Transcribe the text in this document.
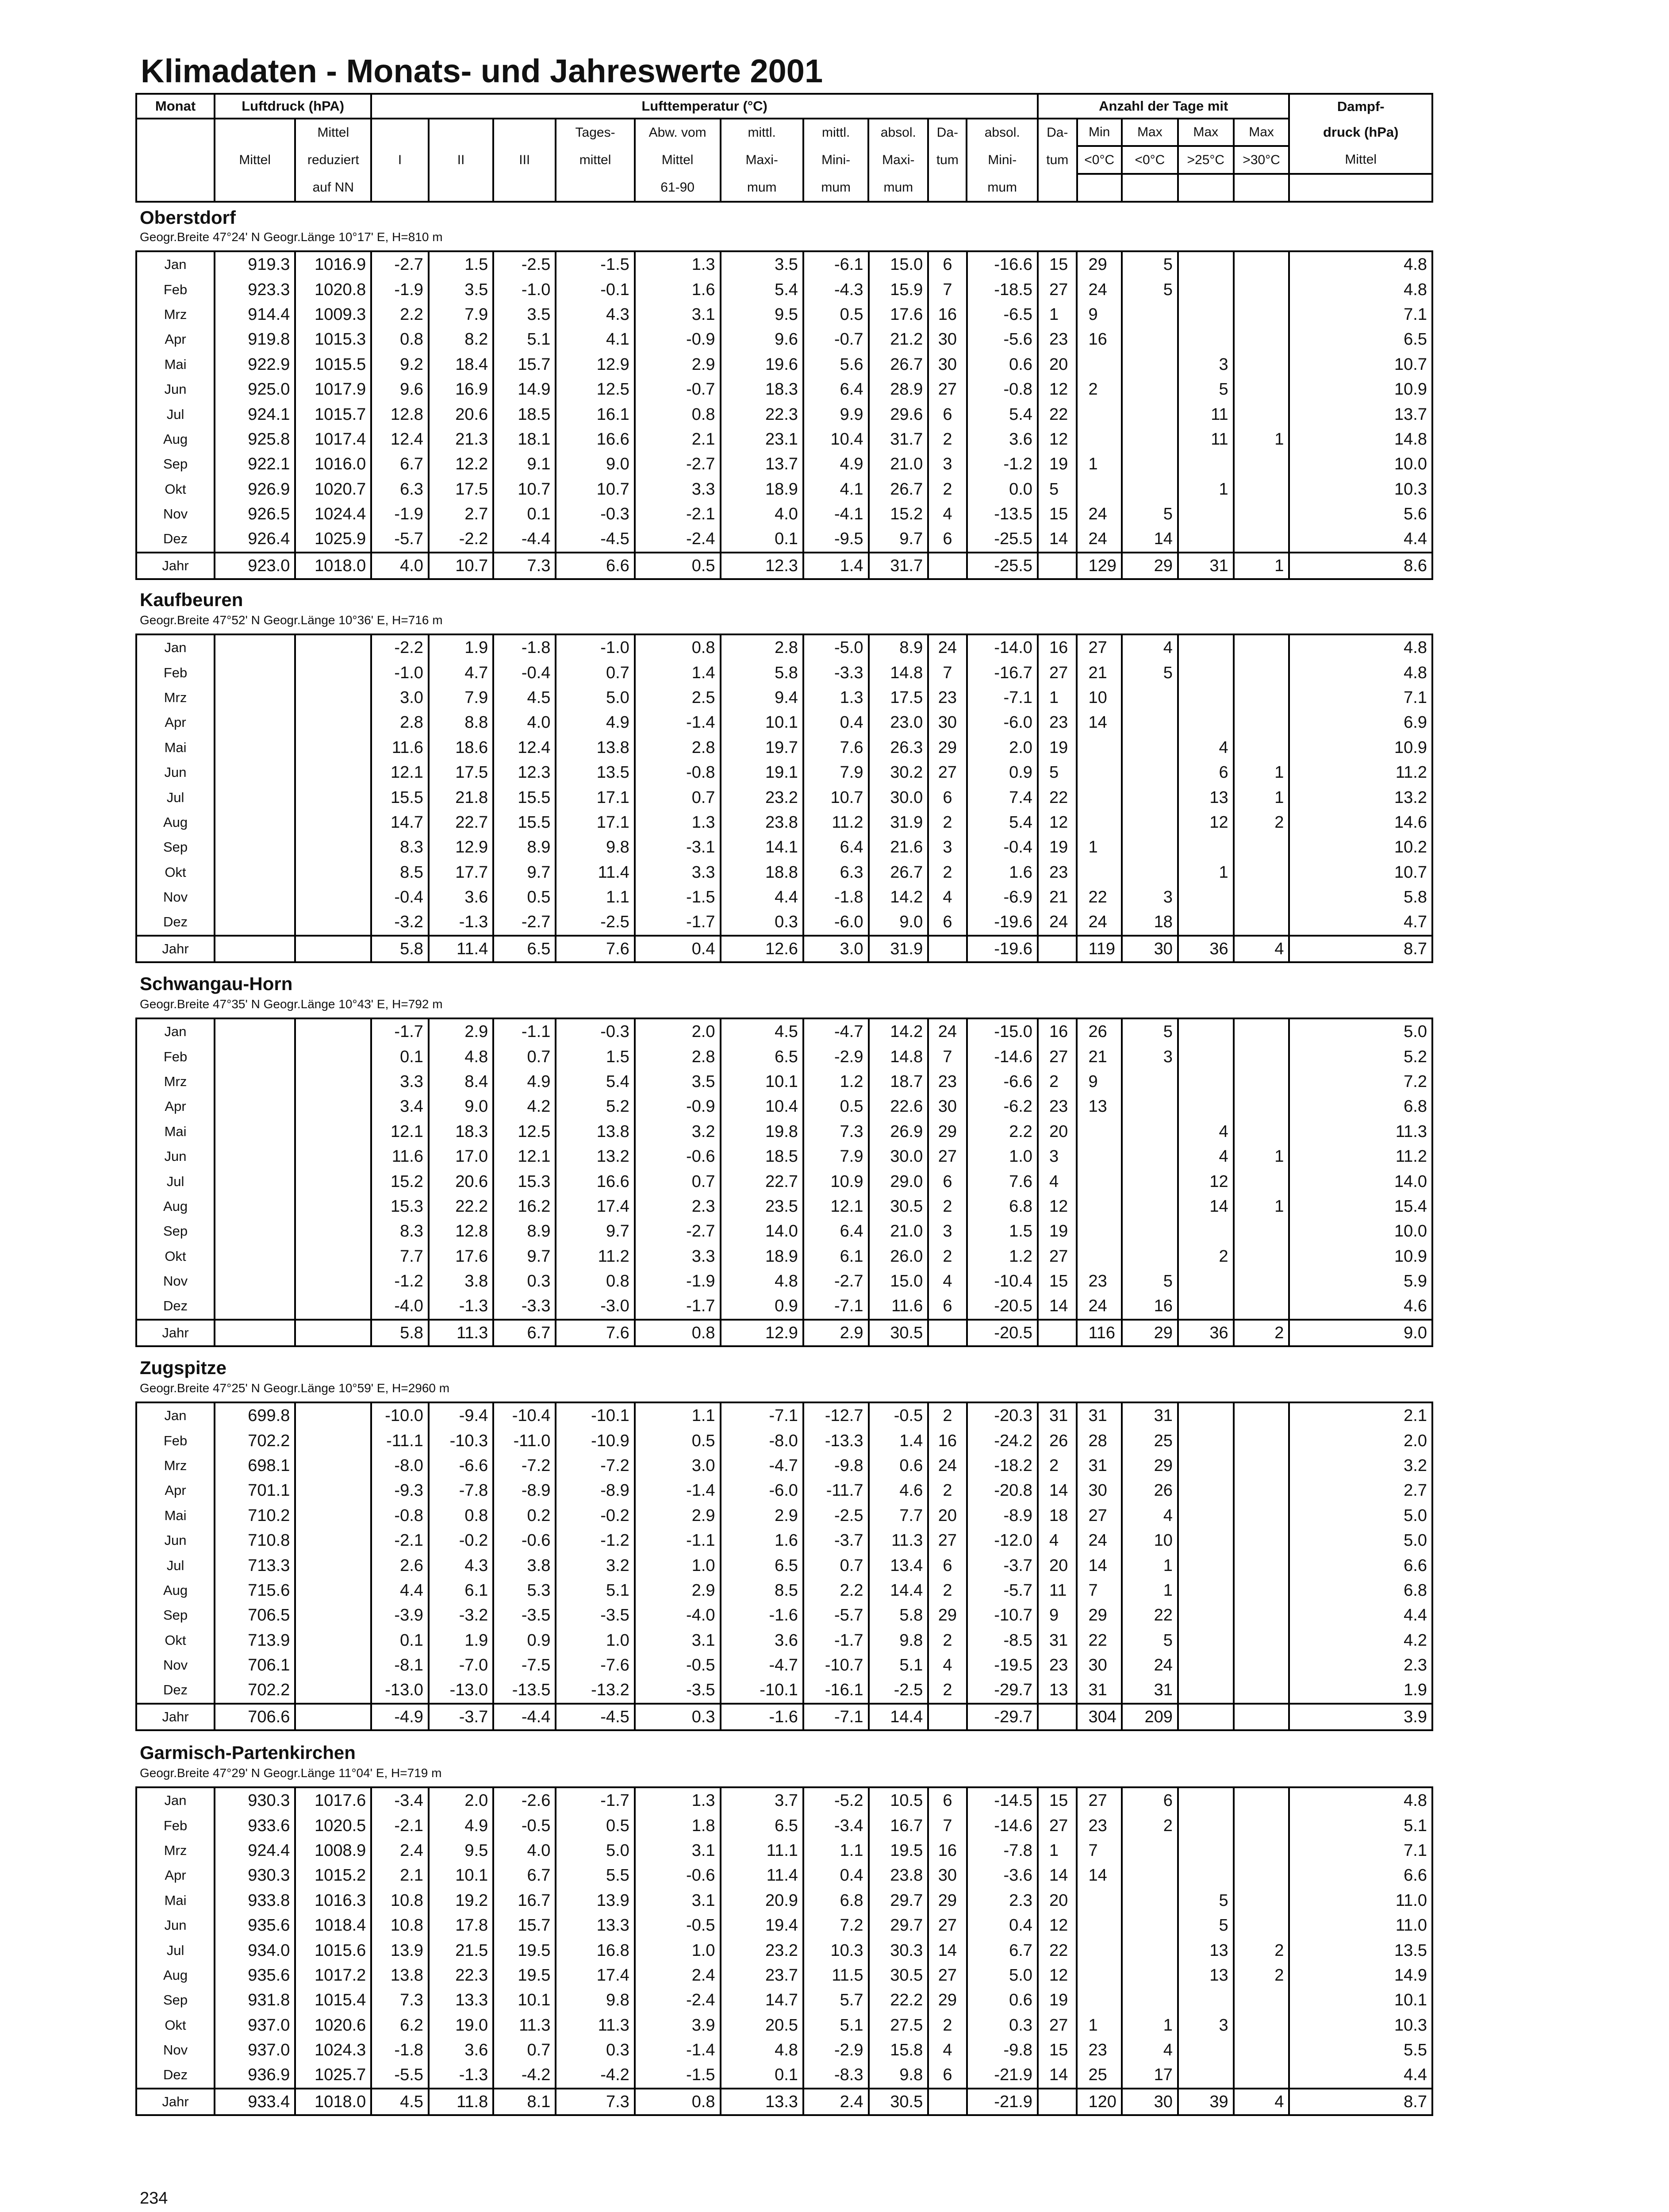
Klimadaten - Monats- und Jahreswerte 2001
Monat	Luftdruck (hPA)		Lufttemperatur (°C)										Anzahl der Tage mit					Dampf-
		Mittel				Tages-	Abw. vom	mittl.	mittl.	absol.	Da-	absol.	Da-	Min	Max	Max	Max	druck (hPa)
	Mittel	reduziert	I	II	III	mittel	Mittel	Maxi-	Mini-	Maxi-	tum	Mini-	tum	<0°C	<0°C	>25°C	>30°C	Mittel
		auf NN					61-90	mum	mum	mum		mum						
Oberstdorf
Geogr.Breite 47°24' N Geogr.Länge 10°17' E, H=810 m
Jan	919.3	1016.9	-2.7	1.5	-2.5	-1.5	1.3	3.5	-6.1	15.0	6	-16.6	15	29	5			4.8
Feb	923.3	1020.8	-1.9	3.5	-1.0	-0.1	1.6	5.4	-4.3	15.9	7	-18.5	27	24	5			4.8
Mrz	914.4	1009.3	2.2	7.9	3.5	4.3	3.1	9.5	0.5	17.6	16	-6.5	1	9				7.1
Apr	919.8	1015.3	0.8	8.2	5.1	4.1	-0.9	9.6	-0.7	21.2	30	-5.6	23	16				6.5
Mai	922.9	1015.5	9.2	18.4	15.7	12.9	2.9	19.6	5.6	26.7	30	0.6	20			3		10.7
Jun	925.0	1017.9	9.6	16.9	14.9	12.5	-0.7	18.3	6.4	28.9	27	-0.8	12	2		5		10.9
Jul	924.1	1015.7	12.8	20.6	18.5	16.1	0.8	22.3	9.9	29.6	6	5.4	22			11		13.7
Aug	925.8	1017.4	12.4	21.3	18.1	16.6	2.1	23.1	10.4	31.7	2	3.6	12			11	1	14.8
Sep	922.1	1016.0	6.7	12.2	9.1	9.0	-2.7	13.7	4.9	21.0	3	-1.2	19	1				10.0
Okt	926.9	1020.7	6.3	17.5	10.7	10.7	3.3	18.9	4.1	26.7	2	0.0	5			1		10.3
Nov	926.5	1024.4	-1.9	2.7	0.1	-0.3	-2.1	4.0	-4.1	15.2	4	-13.5	15	24	5			5.6
Dez	926.4	1025.9	-5.7	-2.2	-4.4	-4.5	-2.4	0.1	-9.5	9.7	6	-25.5	14	24	14			4.4
Jahr	923.0	1018.0	4.0	10.7	7.3	6.6	0.5	12.3	1.4	31.7		-25.5		129	29	31	1	8.6
Kaufbeuren
Geogr.Breite 47°52' N Geogr.Länge 10°36' E, H=716 m
Jan			-2.2	1.9	-1.8	-1.0	0.8	2.8	-5.0	8.9	24	-14.0	16	27	4			4.8
Feb			-1.0	4.7	-0.4	0.7	1.4	5.8	-3.3	14.8	7	-16.7	27	21	5			4.8
Mrz			3.0	7.9	4.5	5.0	2.5	9.4	1.3	17.5	23	-7.1	1	10				7.1
Apr			2.8	8.8	4.0	4.9	-1.4	10.1	0.4	23.0	30	-6.0	23	14				6.9
Mai			11.6	18.6	12.4	13.8	2.8	19.7	7.6	26.3	29	2.0	19			4		10.9
Jun			12.1	17.5	12.3	13.5	-0.8	19.1	7.9	30.2	27	0.9	5			6	1	11.2
Jul			15.5	21.8	15.5	17.1	0.7	23.2	10.7	30.0	6	7.4	22			13	1	13.2
Aug			14.7	22.7	15.5	17.1	1.3	23.8	11.2	31.9	2	5.4	12			12	2	14.6
Sep			8.3	12.9	8.9	9.8	-3.1	14.1	6.4	21.6	3	-0.4	19	1				10.2
Okt			8.5	17.7	9.7	11.4	3.3	18.8	6.3	26.7	2	1.6	23			1		10.7
Nov			-0.4	3.6	0.5	1.1	-1.5	4.4	-1.8	14.2	4	-6.9	21	22	3			5.8
Dez			-3.2	-1.3	-2.7	-2.5	-1.7	0.3	-6.0	9.0	6	-19.6	24	24	18			4.7
Jahr			5.8	11.4	6.5	7.6	0.4	12.6	3.0	31.9		-19.6		119	30	36	4	8.7
Schwangau-Horn
Geogr.Breite 47°35' N Geogr.Länge 10°43' E, H=792 m
Jan			-1.7	2.9	-1.1	-0.3	2.0	4.5	-4.7	14.2	24	-15.0	16	26	5			5.0
Feb			0.1	4.8	0.7	1.5	2.8	6.5	-2.9	14.8	7	-14.6	27	21	3			5.2
Mrz			3.3	8.4	4.9	5.4	3.5	10.1	1.2	18.7	23	-6.6	2	9				7.2
Apr			3.4	9.0	4.2	5.2	-0.9	10.4	0.5	22.6	30	-6.2	23	13				6.8
Mai			12.1	18.3	12.5	13.8	3.2	19.8	7.3	26.9	29	2.2	20			4		11.3
Jun			11.6	17.0	12.1	13.2	-0.6	18.5	7.9	30.0	27	1.0	3			4	1	11.2
Jul			15.2	20.6	15.3	16.6	0.7	22.7	10.9	29.0	6	7.6	4			12		14.0
Aug			15.3	22.2	16.2	17.4	2.3	23.5	12.1	30.5	2	6.8	12			14	1	15.4
Sep			8.3	12.8	8.9	9.7	-2.7	14.0	6.4	21.0	3	1.5	19					10.0
Okt			7.7	17.6	9.7	11.2	3.3	18.9	6.1	26.0	2	1.2	27			2		10.9
Nov			-1.2	3.8	0.3	0.8	-1.9	4.8	-2.7	15.0	4	-10.4	15	23	5			5.9
Dez			-4.0	-1.3	-3.3	-3.0	-1.7	0.9	-7.1	11.6	6	-20.5	14	24	16			4.6
Jahr			5.8	11.3	6.7	7.6	0.8	12.9	2.9	30.5		-20.5		116	29	36	2	9.0
Zugspitze
Geogr.Breite 47°25' N Geogr.Länge 10°59' E, H=2960 m
Jan	699.8		-10.0	-9.4	-10.4	-10.1	1.1	-7.1	-12.7	-0.5	2	-20.3	31	31	31			2.1
Feb	702.2		-11.1	-10.3	-11.0	-10.9	0.5	-8.0	-13.3	1.4	16	-24.2	26	28	25			2.0
Mrz	698.1		-8.0	-6.6	-7.2	-7.2	3.0	-4.7	-9.8	0.6	24	-18.2	2	31	29			3.2
Apr	701.1		-9.3	-7.8	-8.9	-8.9	-1.4	-6.0	-11.7	4.6	2	-20.8	14	30	26			2.7
Mai	710.2		-0.8	0.8	0.2	-0.2	2.9	2.9	-2.5	7.7	20	-8.9	18	27	4			5.0
Jun	710.8		-2.1	-0.2	-0.6	-1.2	-1.1	1.6	-3.7	11.3	27	-12.0	4	24	10			5.0
Jul	713.3		2.6	4.3	3.8	3.2	1.0	6.5	0.7	13.4	6	-3.7	20	14	1			6.6
Aug	715.6		4.4	6.1	5.3	5.1	2.9	8.5	2.2	14.4	2	-5.7	11	7	1			6.8
Sep	706.5		-3.9	-3.2	-3.5	-3.5	-4.0	-1.6	-5.7	5.8	29	-10.7	9	29	22			4.4
Okt	713.9		0.1	1.9	0.9	1.0	3.1	3.6	-1.7	9.8	2	-8.5	31	22	5			4.2
Nov	706.1		-8.1	-7.0	-7.5	-7.6	-0.5	-4.7	-10.7	5.1	4	-19.5	23	30	24			2.3
Dez	702.2		-13.0	-13.0	-13.5	-13.2	-3.5	-10.1	-16.1	-2.5	2	-29.7	13	31	31			1.9
Jahr	706.6		-4.9	-3.7	-4.4	-4.5	0.3	-1.6	-7.1	14.4		-29.7		304	209			3.9
Garmisch-Partenkirchen
Geogr.Breite 47°29' N Geogr.Länge 11°04' E, H=719 m
Jan	930.3	1017.6	-3.4	2.0	-2.6	-1.7	1.3	3.7	-5.2	10.5	6	-14.5	15	27	6			4.8
Feb	933.6	1020.5	-2.1	4.9	-0.5	0.5	1.8	6.5	-3.4	16.7	7	-14.6	27	23	2			5.1
Mrz	924.4	1008.9	2.4	9.5	4.0	5.0	3.1	11.1	1.1	19.5	16	-7.8	1	7				7.1
Apr	930.3	1015.2	2.1	10.1	6.7	5.5	-0.6	11.4	0.4	23.8	30	-3.6	14	14				6.6
Mai	933.8	1016.3	10.8	19.2	16.7	13.9	3.1	20.9	6.8	29.7	29	2.3	20			5		11.0
Jun	935.6	1018.4	10.8	17.8	15.7	13.3	-0.5	19.4	7.2	29.7	27	0.4	12			5		11.0
Jul	934.0	1015.6	13.9	21.5	19.5	16.8	1.0	23.2	10.3	30.3	14	6.7	22			13	2	13.5
Aug	935.6	1017.2	13.8	22.3	19.5	17.4	2.4	23.7	11.5	30.5	27	5.0	12			13	2	14.9
Sep	931.8	1015.4	7.3	13.3	10.1	9.8	-2.4	14.7	5.7	22.2	29	0.6	19					10.1
Okt	937.0	1020.6	6.2	19.0	11.3	11.3	3.9	20.5	5.1	27.5	2	0.3	27	1	1	3		10.3
Nov	937.0	1024.3	-1.8	3.6	0.7	0.3	-1.4	4.8	-2.9	15.8	4	-9.8	15	23	4			5.5
Dez	936.9	1025.7	-5.5	-1.3	-4.2	-4.2	-1.5	0.1	-8.3	9.8	6	-21.9	14	25	17			4.4
Jahr	933.4	1018.0	4.5	11.8	8.1	7.3	0.8	13.3	2.4	30.5		-21.9		120	30	39	4	8.7
234
